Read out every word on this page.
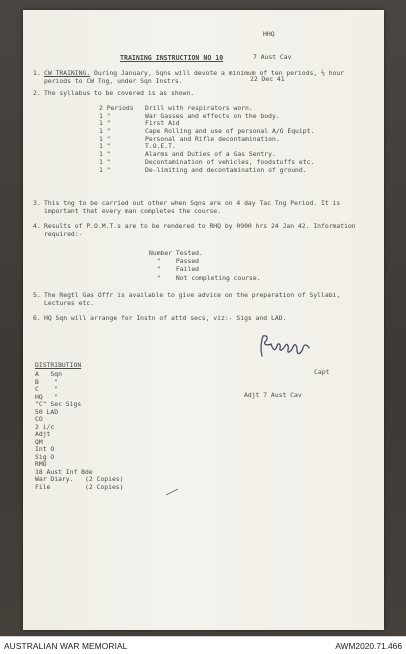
HHQ

7 Aust Cav

22 Dec 41

TRAINING INSTRUCTION NO 10
1. CW TRAINING. During January, Sqns will devote a minimum of ten periods, ½ hour periods to CW Tng, under Sqn Instrs.
2. The syllabus to be covered is as shown.
2 Periods	Drill with respirators worn.
1 "	War Gasses and effects on the body.
1 "	First Aid
1 "	Cape Rolling and use of personal A/G Equipt.
1 "	Personal and Rifle decontamination.
1 "	T.O.E.T.
1 "	Alarms and Duties of a Gas Sentry.
1 "	Decontamination of vehicles, foodstuffs etc.
1 "	De-limiting and decontamination of ground.
3. This tng to be carried out other when Sqns are on 4 day Tac Tng Period. It is important that every man completes the course.
4. Results of P.O.M.T.s are to be rendered to RHQ by 0900 hrs 24 Jan 42. Information required:-
Number Tested.
"    Passed
"    Failed
"    Not completing course.
5. The Regtl Gas Offr is available to give advice on the preparation of Syllabi, Lectures etc.
6. HQ Sqn will arrange for Instn of attd secs, viz:- Sigs and LAD.

Capt

Adjt 7 Aust Cav

DISTRIBUTION
A   Sqn
B    "
C    "
HQ   "
"C" Sec Sigs
50 LAD
CO
2 i/c
Adjt
QM
Int O
Sig O
RMO
18 Aust Inf Bde
War Diary.   (2 Copies)
File         (2 Copies)
AUSTRALIAN WAR MEMORIAL	AWM2020.71.466
